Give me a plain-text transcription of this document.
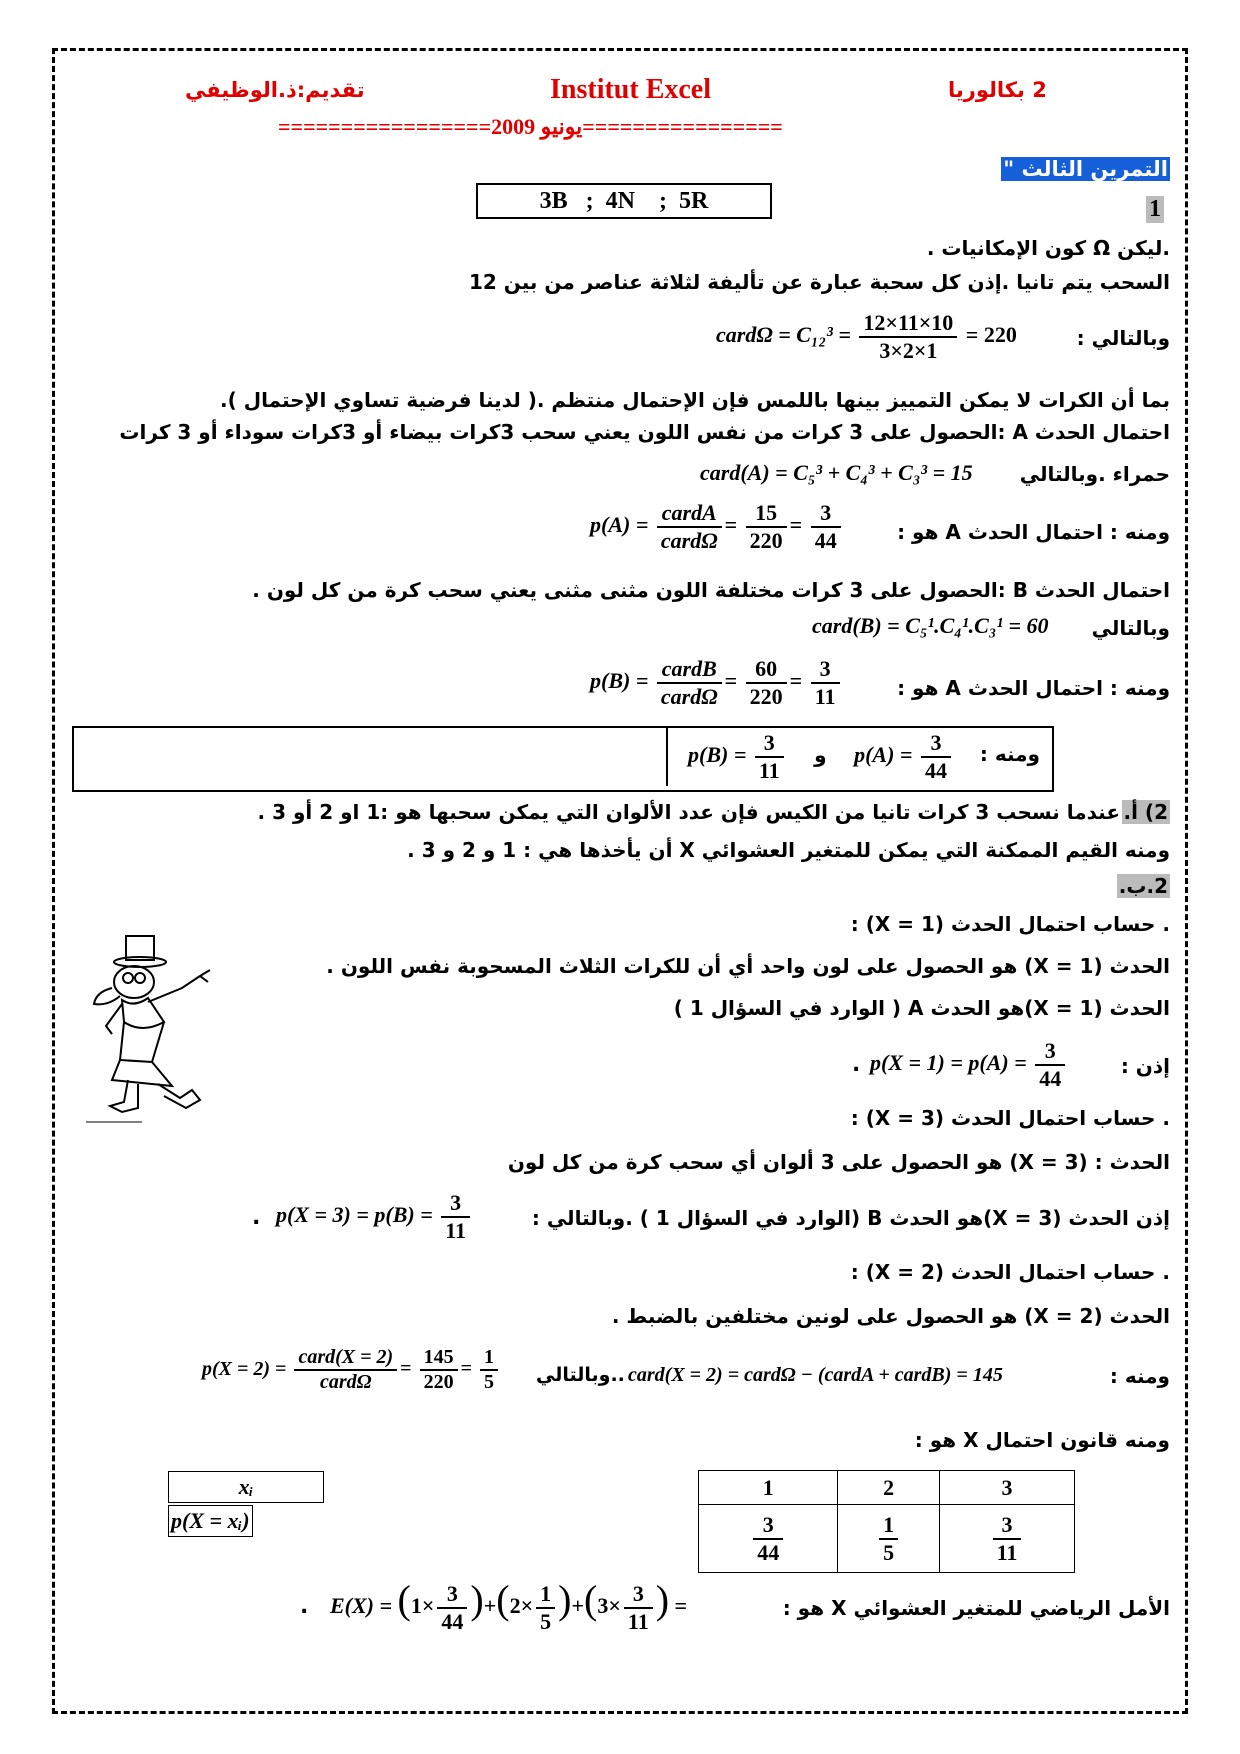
تقديم:ذ.الوظيفي	Institut Excel	2 بكالوريا
================يونيو 2009=================
التمرين الثالث "
3B   ;  4N    ;  5R	1
.ليكن Ω كون الإمكانيات .
السحب يتم تانيا .إذن كل سحبة عبارة عن تأليفة لثلاثة عناصر من بين 12
وبالتالي :
cardΩ = $C_{12}^3 = \frac{12\times 11\times 10}{3\times 2\times 1} = 220$
بما أن الكرات لا يمكن التمييز بينها باللمس فإن الإحتمال منتظم .( لدينا فرضية تساوي الإحتمال ).
احتمال الحدث A :الحصول على 3 كرات من نفس اللون يعني سحب 3كرات بيضاء أو 3كرات سوداء أو 3 كرات
حمراء .وبالتالي
card(A) = C₅³ + C₄³ + C₃³ = 15
ومنه : احتمال الحدث A هو :
$p(A) = \frac{\text{cardA}}{\text{cardΩ}} = \frac{15}{220} = \frac{3}{44}$
احتمال الحدث B :الحصول على 3 كرات مختلفة اللون مثنى مثنى يعني سحب كرة من كل لون .
وبالتالي
card(B) = C₅¹.C₄¹.C₃¹ = 60
ومنه : احتمال الحدث A هو :
$p(B) = \frac{\text{cardB}}{\text{cardΩ}} = \frac{60}{220} = \frac{3}{11}$
ومنه :
$p(B) = \frac{3}{11}$ و $p(A) = \frac{3}{44}$
2) أ.
عندما نسحب 3 كرات تانيا من الكيس فإن عدد الألوان التي يمكن سحبها هو :1 او 2 أو 3 .
ومنه القيم الممكنة التي يمكن للمتغير العشوائي X أن يأخذها هي : 1 و 2 و 3 .
2.ب.
. حساب احتمال الحدث (X = 1) :
الحدث (X = 1) هو الحصول على لون واحد أي أن للكرات الثلاث المسحوبة نفس اللون .
الحدث (X = 1)هو الحدث A ( الوارد في السؤال 1 )
إذن :
$p(X = 1) = p(A) = \frac{3}{44}$
.
. حساب احتمال الحدث (X = 3) :
الحدث : (X = 3) هو الحصول على 3 ألوان أي سحب كرة من كل لون
إذن الحدث (X = 3)هو الحدث B (الوارد في السؤال 1 ) .وبالتالي :
$p(X = 3) = p(B) = \frac{3}{11}$
.
. حساب احتمال الحدث (X = 2) :
الحدث (X = 2) هو الحصول على لونين مختلفين بالضبط .
ومنه :
card(X = 2) = cardΩ − (cardA + cardB) = 145
..وبالتالي
$p(X = 2) = \frac{\text{card(X = 2)}}{\text{cardΩ}} = \frac{145}{220} = \frac{1}{5}$
ومنه قانون احتمال X هو :
xᵢ	1	2	3
p(X = xᵢ)	$\frac{3}{44}$	$\frac{1}{5}$	$\frac{3}{11}$
الأمل الرياضي للمتغير العشوائي X هو :
$E(X) = (1\times \frac{3}{44} )+(2\times \frac{1}{5} )+(3\times \frac{3}{11}$ ) =
.
